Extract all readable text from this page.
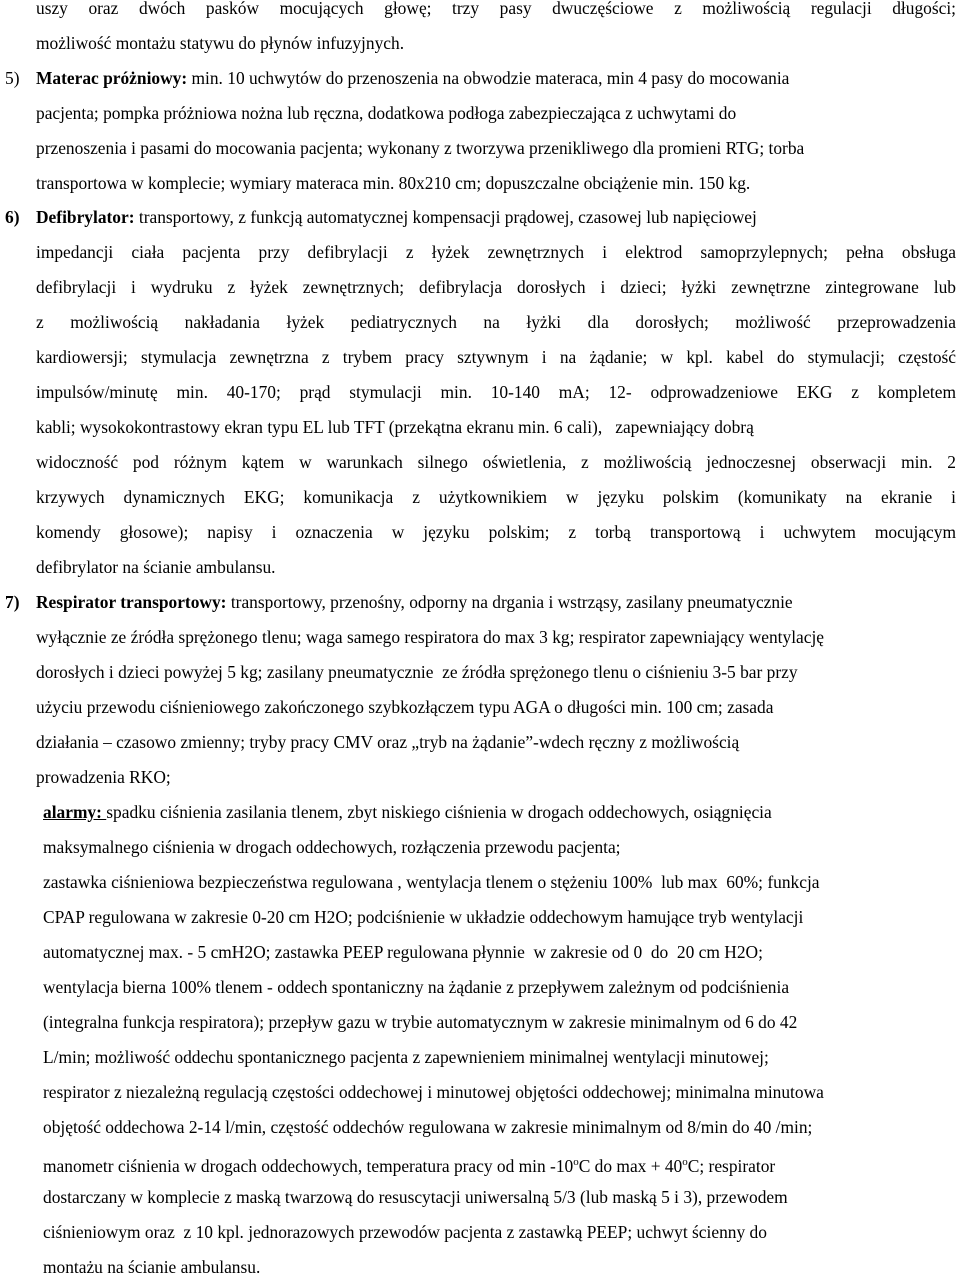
uszy oraz dwóch pasków mocujących głowę; trzy pasy dwuczęściowe z możliwością regulacji długości;
możliwość montażu statywu do płynów infuzyjnych.
5) Materac próżniowy: min. 10 uchwytów do przenoszenia na obwodzie materaca, min 4 pasy do mocowania
pacjenta; pompka próżniowa nożna lub ręczna, dodatkowa podłoga zabezpieczająca z uchwytami do
przenoszenia i pasami do mocowania pacjenta; wykonany z tworzywa przenikliwego dla promieni RTG; torba
transportowa w komplecie; wymiary materaca min. 80x210 cm; dopuszczalne obciążenie min. 150 kg.
6) Defibrylator: transportowy, z funkcją automatycznej kompensacji prądowej, czasowej lub napięciowej
impedancji ciała pacjenta przy defibrylacji z łyżek zewnętrznych i elektrod samoprzylepnych; pełna obsługa
defibrylacji i wydruku z łyżek zewnętrznych; defibrylacja dorosłych i dzieci; łyżki zewnętrzne zintegrowane lub
z możliwością nakładania łyżek pediatrycznych na łyżki dla dorosłych; możliwość przeprowadzenia
kardiowersji; stymulacja zewnętrzna z trybem pracy sztywnym i na żądanie; w kpl. kabel do stymulacji; częstość
impulsów/minutę min. 40-170; prąd stymulacji min. 10-140 mA; 12- odprowadzeniowe EKG z kompletem
kabli; wysokokontrastowy ekran typu EL lub TFT (przekątna ekranu min. 6 cali),   zapewniający dobrą
widoczność pod różnym kątem w warunkach silnego oświetlenia, z możliwością jednoczesnej obserwacji min. 2
krzywych dynamicznych EKG; komunikacja z użytkownikiem w języku polskim (komunikaty na ekranie i
komendy głosowe); napisy i oznaczenia w języku polskim; z torbą transportową i uchwytem mocującym
defibrylator na ścianie ambulansu.
7) Respirator transportowy: transportowy, przenośny, odporny na drgania i wstrząsy, zasilany pneumatycznie
wyłącznie ze źródła sprężonego tlenu; waga samego respiratora do max 3 kg; respirator zapewniający wentylację
dorosłych i dzieci powyżej 5 kg; zasilany pneumatycznie  ze źródła sprężonego tlenu o ciśnieniu 3-5 bar przy
użyciu przewodu ciśnieniowego zakończonego szybkozłączem typu AGA o długości min. 100 cm; zasada
działania – czasowo zmienny; tryby pracy CMV oraz „tryb na żądanie”-wdech ręczny z możliwością
prowadzenia RKO;
alarmy: spadku ciśnienia zasilania tlenem, zbyt niskiego ciśnienia w drogach oddechowych, osiągnięcia
maksymalnego ciśnienia w drogach oddechowych, rozłączenia przewodu pacjenta;
zastawka ciśnieniowa bezpieczeństwa regulowana , wentylacja tlenem o stężeniu 100%  lub max  60%; funkcja
CPAP regulowana w zakresie 0-20 cm H2O; podciśnienie w układzie oddechowym hamujące tryb wentylacji
automatycznej max. - 5 cmH2O; zastawka PEEP regulowana płynnie  w zakresie od 0  do  20 cm H2O;
wentylacja bierna 100% tlenem - oddech spontaniczny na żądanie z przepływem zależnym od podciśnienia
(integralna funkcja respiratora); przepływ gazu w trybie automatycznym w zakresie minimalnym od 6 do 42
L/min; możliwość oddechu spontanicznego pacjenta z zapewnieniem minimalnej wentylacji minutowej;
respirator z niezależną regulacją częstości oddechowej i minutowej objętości oddechowej; minimalna minutowa
objętość oddechowa 2-14 l/min, częstość oddechów regulowana w zakresie minimalnym od 8/min do 40 /min;
manometr ciśnienia w drogach oddechowych, temperatura pracy od min -10$^o$C do $\max + 40^oC$; respirator
dostarczany w komplecie z maską twarzową do resuscytacji uniwersalną 5/3 (lub maską 5 i 3), przewodem
ciśnieniowym oraz  z 10 kpl. jednorazowych przewodów pacjenta z zastawką PEEP; uchwyt ścienny do
montażu na ścianie ambulansu.
